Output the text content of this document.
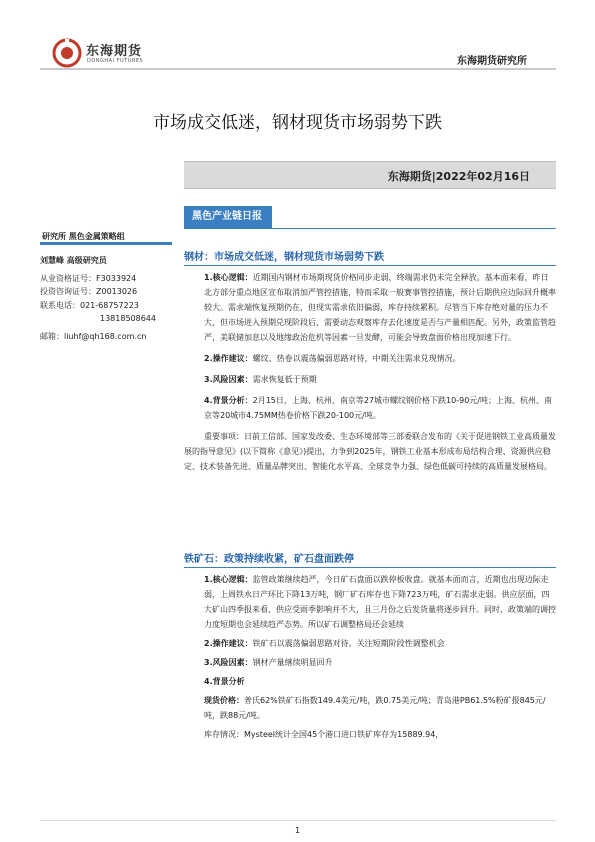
东海期货
DONGHAI FUTURES	东海期货研究所
市场成交低迷，钢材现货市场弱势下跌
东海期货|2022年02月16日
黑色产业链日报
研究所 黑色金属策略组
刘慧峰 高级研究员
从业资格证号：F3033924
投资咨询证号：Z0013026
联系电话：021-68757223
13818508644
邮箱：liuhf@qh168.com.cn
钢材：市场成交低迷，钢材现货市场弱势下跌
1.核心逻辑：近期国内钢材市场期现货价格同步走弱，终端需求仍未完全释放。基本面来看，昨日北方部分重点地区宣布取消加严管控措施，特而采取一般赛事管控措施，预计后期供应边际回升概率较大。需求端恢复预期仍在，但现实需求依旧偏弱，库存持续累积。尽管当下库存绝对量的压力不大，但市场进入预期兑现阶段后，需要动态观察库存去化速度是否与产量相匹配。另外，政策监管趋严，美联储加息以及地缘政治危机等因素一旦发酵，可能会导致盘面价格出现加速下行。
2.操作建议：螺纹、热卷以震荡偏弱思路对待，中期关注需求兑现情况。
3.风险因素：需求恢复低于预期
4.背景分析：2月15日，上海、杭州、南京等27城市螺纹钢价格下跌10-90元/吨；上海、杭州、南京等20城市4.75MM热卷价格下跌20-100元/吨。
重要事项：日前工信部、国家发改委、生态环境部等三部委联合发布的《关于促进钢铁工业高质量发展的指导意见》(以下简称《意见》)提出，力争到2025年，钢铁工业基本形成布局结构合理、资源供应稳定、技术装备先进、质量品牌突出、智能化水平高、全球竞争力强、绿色低碳可持续的高质量发展格局。
铁矿石：政策持续收紧，矿石盘面跌停
1.核心逻辑：监管政策继续趋严，今日矿石盘面以跌停板收盘。就基本面而言，近期也出现边际走弱，上周铁水日产环比下降13万吨，钢厂矿石库存也下降723万吨，矿石需求走弱。供应层面，四大矿山四季报来看，供应受雨季影响并不大，且三月份之后发货量将逐步回升。同时，政策端的调控力度短期也会延续趋严态势。所以矿石调整格局还会延续
2.操作建议：铁矿石以震荡偏弱思路对待。关注短期阶段性调整机会
3.风险因素：钢材产量继续明显回升
4.背景分析
现货价格：普氏62%铁矿石指数149.4美元/吨，跌0.75美元/吨；青岛港PB61.5%粉矿报845元/吨，跌88元/吨。
库存情况：Mysteel统计全国45个港口进口铁矿库存为15889.94，
1
